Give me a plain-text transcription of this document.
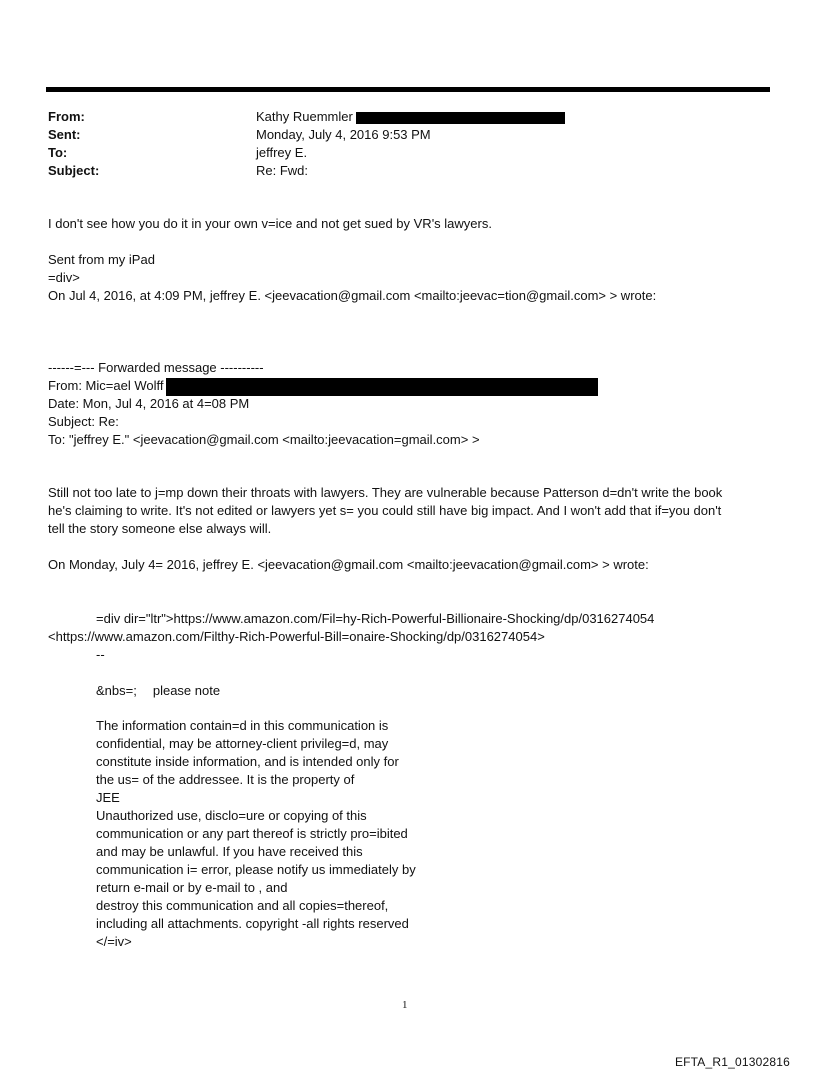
From:	Kathy Ruemmler
Sent:	Monday, July 4, 2016 9:53 PM
To:	jeffrey E.
Subject:	Re: Fwd:
I don't see how you do it in your own v=ice and not get sued by VR's lawyers.
Sent from my iPad
=div>
On Jul 4, 2016, at 4:09 PM, jeffrey E. <jeevacation@gmail.com <mailto:jeevac=tion@gmail.com> > wrote:
------=--- Forwarded message ----------
From: Mic=ael Wolff
Date: Mon, Jul 4, 2016 at 4=08 PM
Subject: Re:
To: "jeffrey E." <jeevacation@gmail.com <mailto:jeevacation=gmail.com> >
Still not too late to j=mp down their throats with lawyers. They are vulnerable because Patterson d=dn't write the book
he's claiming to write. It's not edited or lawyers yet s= you could still have big impact. And I won't add that if=you don't
tell the story someone else always will.
On Monday, July 4= 2016, jeffrey E. <jeevacation@gmail.com <mailto:jeevacation@gmail.com> > wrote:
=div dir="ltr">https://www.amazon.com/Fil=hy-Rich-Powerful-Billionaire-Shocking/dp/0316274054
<https://www.amazon.com/Filthy-Rich-Powerful-Bill=onaire-Shocking/dp/0316274054>
--
&nbs=; please note
The information contain=d in this communication is
confidential, may be attorney-client privileg=d, may
constitute inside information, and is intended only for
the us= of the addressee. It is the property of
JEE
Unauthorized use, disclo=ure or copying of this
communication or any part thereof is strictly pro=ibited
and may be unlawful. If you have received this
communication i= error, please notify us immediately by
return e-mail or by e-mail to , and
destroy this communication and all copies=thereof,
including all attachments. copyright -all rights reserved
</=iv>
1
EFTA_R1_01302816
